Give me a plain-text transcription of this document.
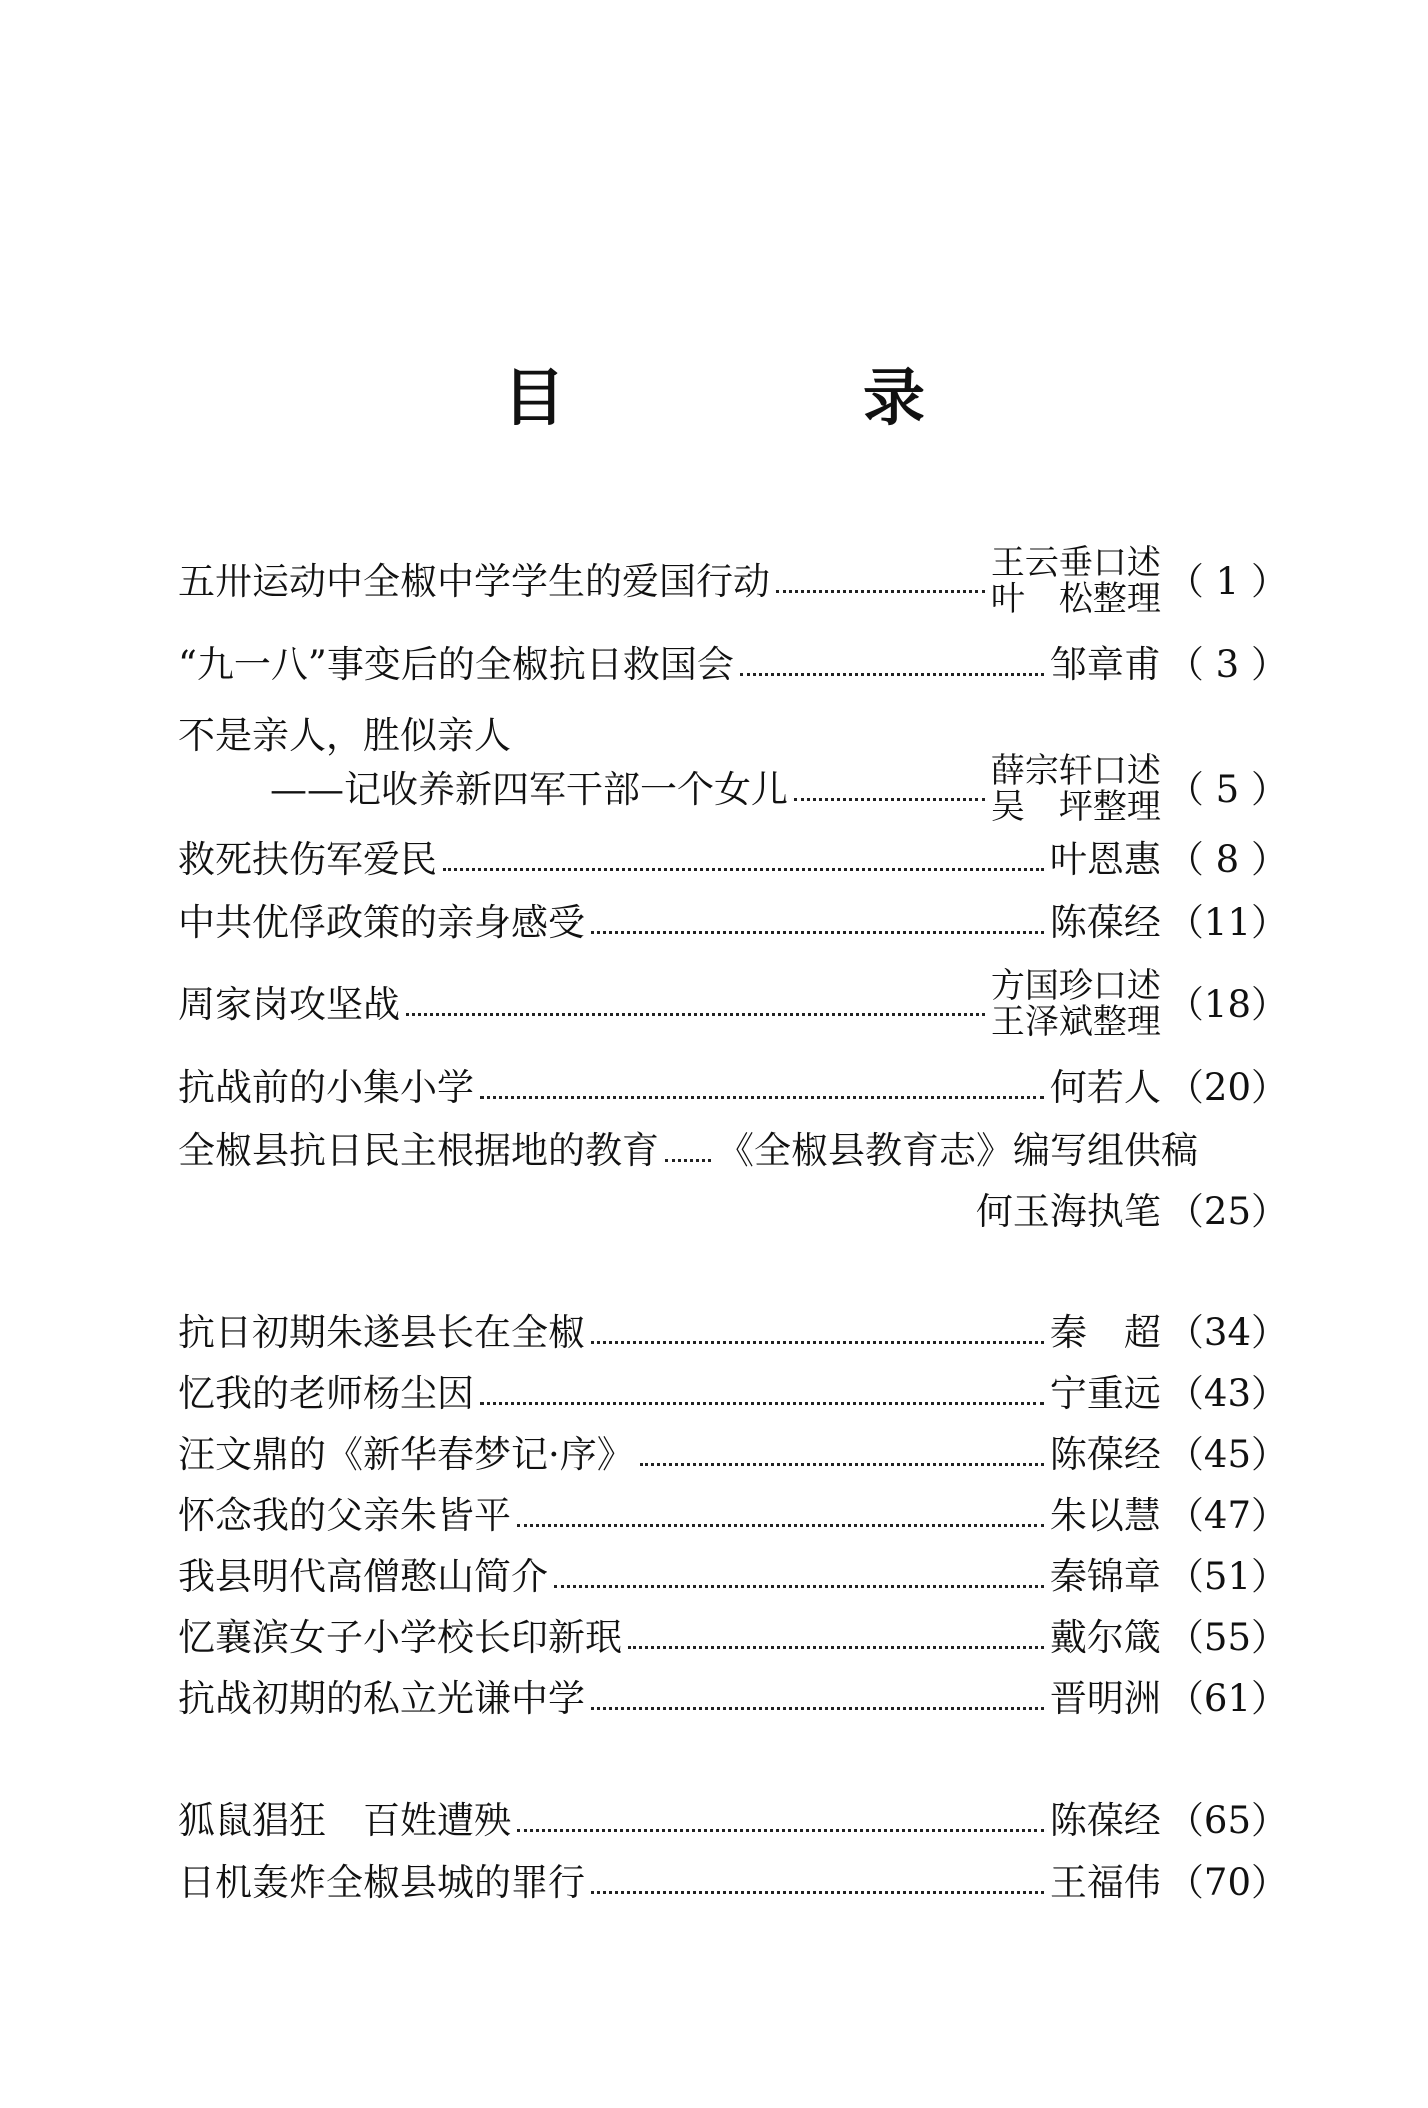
目　录
五卅运动中全椒中学学生的爱国行动	王云垂口述
叶　松整理 （ 1 ）
“九一八”事变后的全椒抗日救国会	邹章甫 （ 3 ）
不是亲人，胜似亲人
——记收养新四军干部一个女儿	薛宗轩口述
吴　坪整理 （ 5 ）
救死扶伤军爱民	叶恩惠 （ 8 ）
中共优俘政策的亲身感受	陈葆经 （11）
周家岗攻坚战	方国珍口述
王泽斌整理 （18）
抗战前的小集小学	何若人 （20）
全椒县抗日民主根据地的教育 《全椒县教育志》编写组供稿
何玉海执笔 （25）
抗日初期朱遂县长在全椒	秦　超 （34）
忆我的老师杨尘因	宁重远 （43）
汪文鼎的《新华春梦记·序》	陈葆经 （45）
怀念我的父亲朱皆平	朱以慧 （47）
我县明代高僧憨山简介	秦锦章 （51）
忆襄滨女子小学校长印新珉	戴尔箴 （55）
抗战初期的私立光谦中学	晋明洲 （61）
狐鼠猖狂　百姓遭殃	陈葆经 （65）
日机轰炸全椒县城的罪行	王福伟 （70）
